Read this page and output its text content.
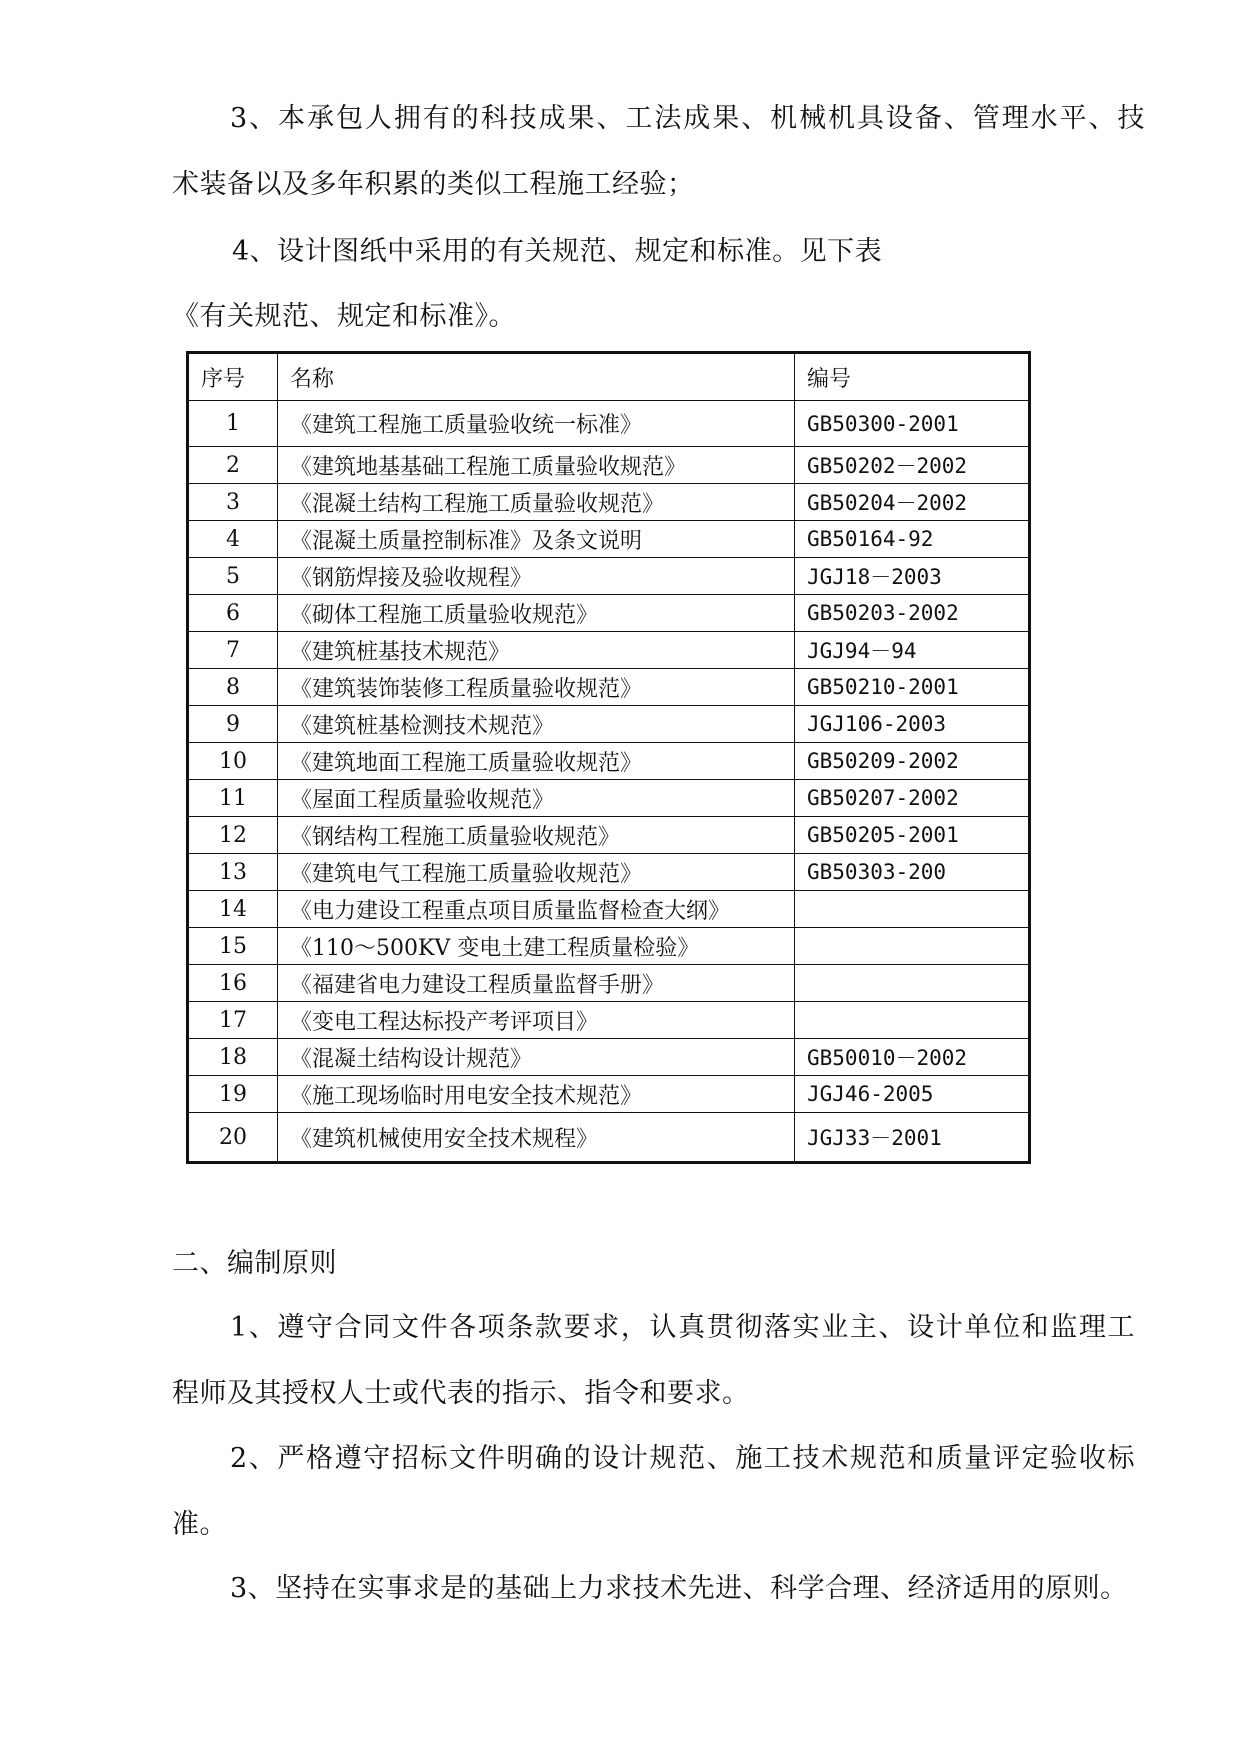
3、本承包人拥有的科技成果、工法成果、机械机具设备、管理水平、技
术装备以及多年积累的类似工程施工经验；
4、设计图纸中采用的有关规范、规定和标准。见下表
《有关规范、规定和标准》。
序号	名称	编号
1	《建筑工程施工质量验收统一标准》	GB50300-2001
2	《建筑地基基础工程施工质量验收规范》	GB50202－2002
3	《混凝土结构工程施工质量验收规范》	GB50204－2002
4	《混凝土质量控制标准》及条文说明	GB50164-92
5	《钢筋焊接及验收规程》	JGJ18－2003
6	《砌体工程施工质量验收规范》	GB50203-2002
7	《建筑桩基技术规范》	JGJ94－94
8	《建筑装饰装修工程质量验收规范》	GB50210-2001
9	《建筑桩基检测技术规范》	JGJ106-2003
10	《建筑地面工程施工质量验收规范》	GB50209-2002
11	《屋面工程质量验收规范》	GB50207-2002
12	《钢结构工程施工质量验收规范》	GB50205-2001
13	《建筑电气工程施工质量验收规范》	GB50303-200
14	《电力建设工程重点项目质量监督检查大纲》	
15	《110～500KV 变电土建工程质量检验》	
16	《福建省电力建设工程质量监督手册》	
17	《变电工程达标投产考评项目》	
18	《混凝土结构设计规范》	GB50010－2002
19	《施工现场临时用电安全技术规范》	JGJ46-2005
20	《建筑机械使用安全技术规程》	JGJ33－2001
二、编制原则
1、遵守合同文件各项条款要求，认真贯彻落实业主、设计单位和监理工
程师及其授权人士或代表的指示、指令和要求。
2、严格遵守招标文件明确的设计规范、施工技术规范和质量评定验收标
准。
3、坚持在实事求是的基础上力求技术先进、科学合理、经济适用的原则。
